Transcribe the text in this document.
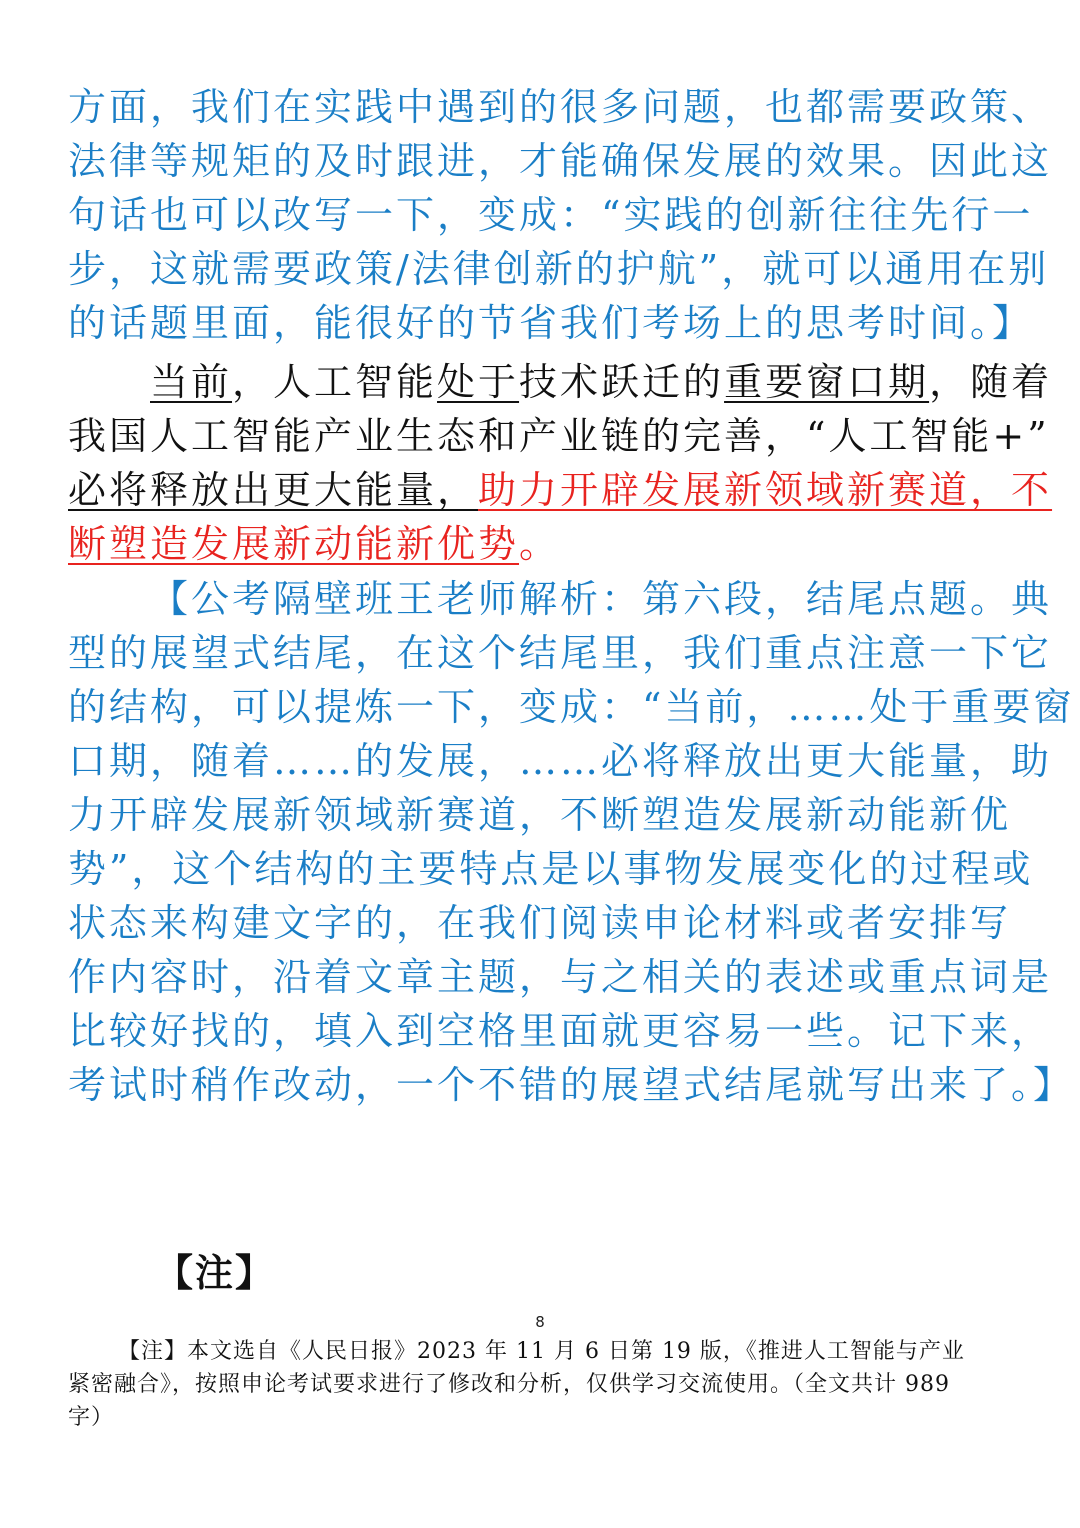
方面，我们在实践中遇到的很多问题，也都需要政策、
法律等规矩的及时跟进，才能确保发展的效果。因此这
句话也可以改写一下，变成：“实践的创新往往先行一
步，这就需要政策/法律创新的护航”，就可以通用在别
的话题里面，能很好的节省我们考场上的思考时间。】
当前，人工智能处于技术跃迁的重要窗口期，随着
我国人工智能产业生态和产业链的完善，“人工智能+”
必将释放出更大能量，助力开辟发展新领域新赛道，不
断塑造发展新动能新优势。
【公考隔壁班王老师解析：第六段，结尾点题。典
型的展望式结尾，在这个结尾里，我们重点注意一下它
的结构，可以提炼一下，变成：“当前，……处于重要窗
口期，随着……的发展，……必将释放出更大能量，助
力开辟发展新领域新赛道，不断塑造发展新动能新优
势”，这个结构的主要特点是以事物发展变化的过程或
状态来构建文字的，在我们阅读申论材料或者安排写
作内容时，沿着文章主题，与之相关的表述或重点词是
比较好找的，填入到空格里面就更容易一些。记下来，
考试时稍作改动，一个不错的展望式结尾就写出来了。】
【注】
8
【注】本文选自《人民日报》2023 年 11 月 6 日第 19 版，《推进人工智能与产业
紧密融合》，按照申论考试要求进行了修改和分析，仅供学习交流使用。（全文共计 989
字）
